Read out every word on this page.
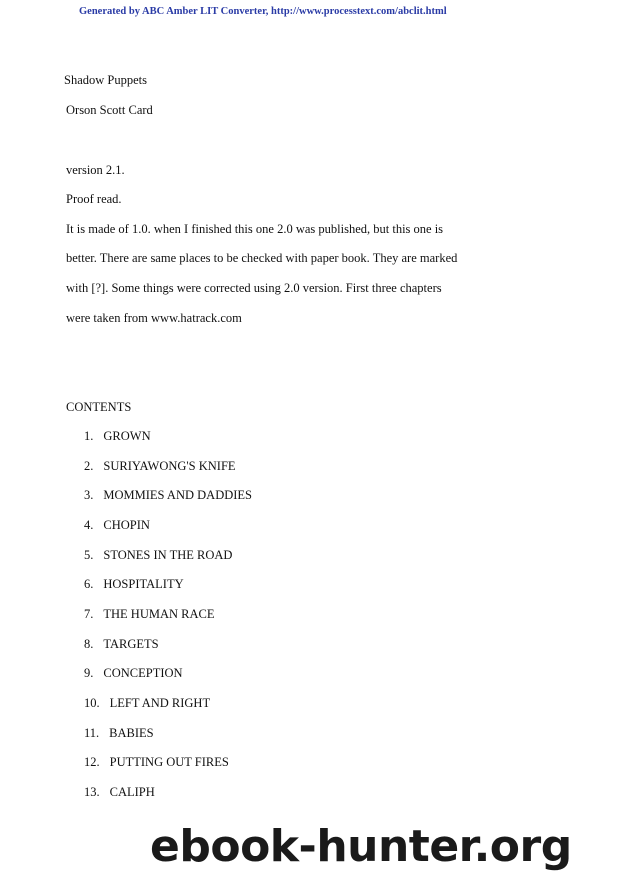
Generated by ABC Amber LIT Converter, http://www.processtext.com/abclit.html
Shadow Puppets
Orson Scott Card
version 2.1.
Proof read.
It is made of 1.0. when I finished this one 2.0 was published, but this one is
better. There are same places to be checked with paper book. They are marked
with [?]. Some things were corrected using 2.0 version. First three chapters
were taken from www.hatrack.com
CONTENTS
1. GROWN
2. SURIYAWONG'S KNIFE
3. MOMMIES AND DADDIES
4. CHOPIN
5. STONES IN THE ROAD
6. HOSPITALITY
7. THE HUMAN RACE
8. TARGETS
9. CONCEPTION
10. LEFT AND RIGHT
11. BABIES
12. PUTTING OUT FIRES
13. CALIPH
ebook-hunter.org
